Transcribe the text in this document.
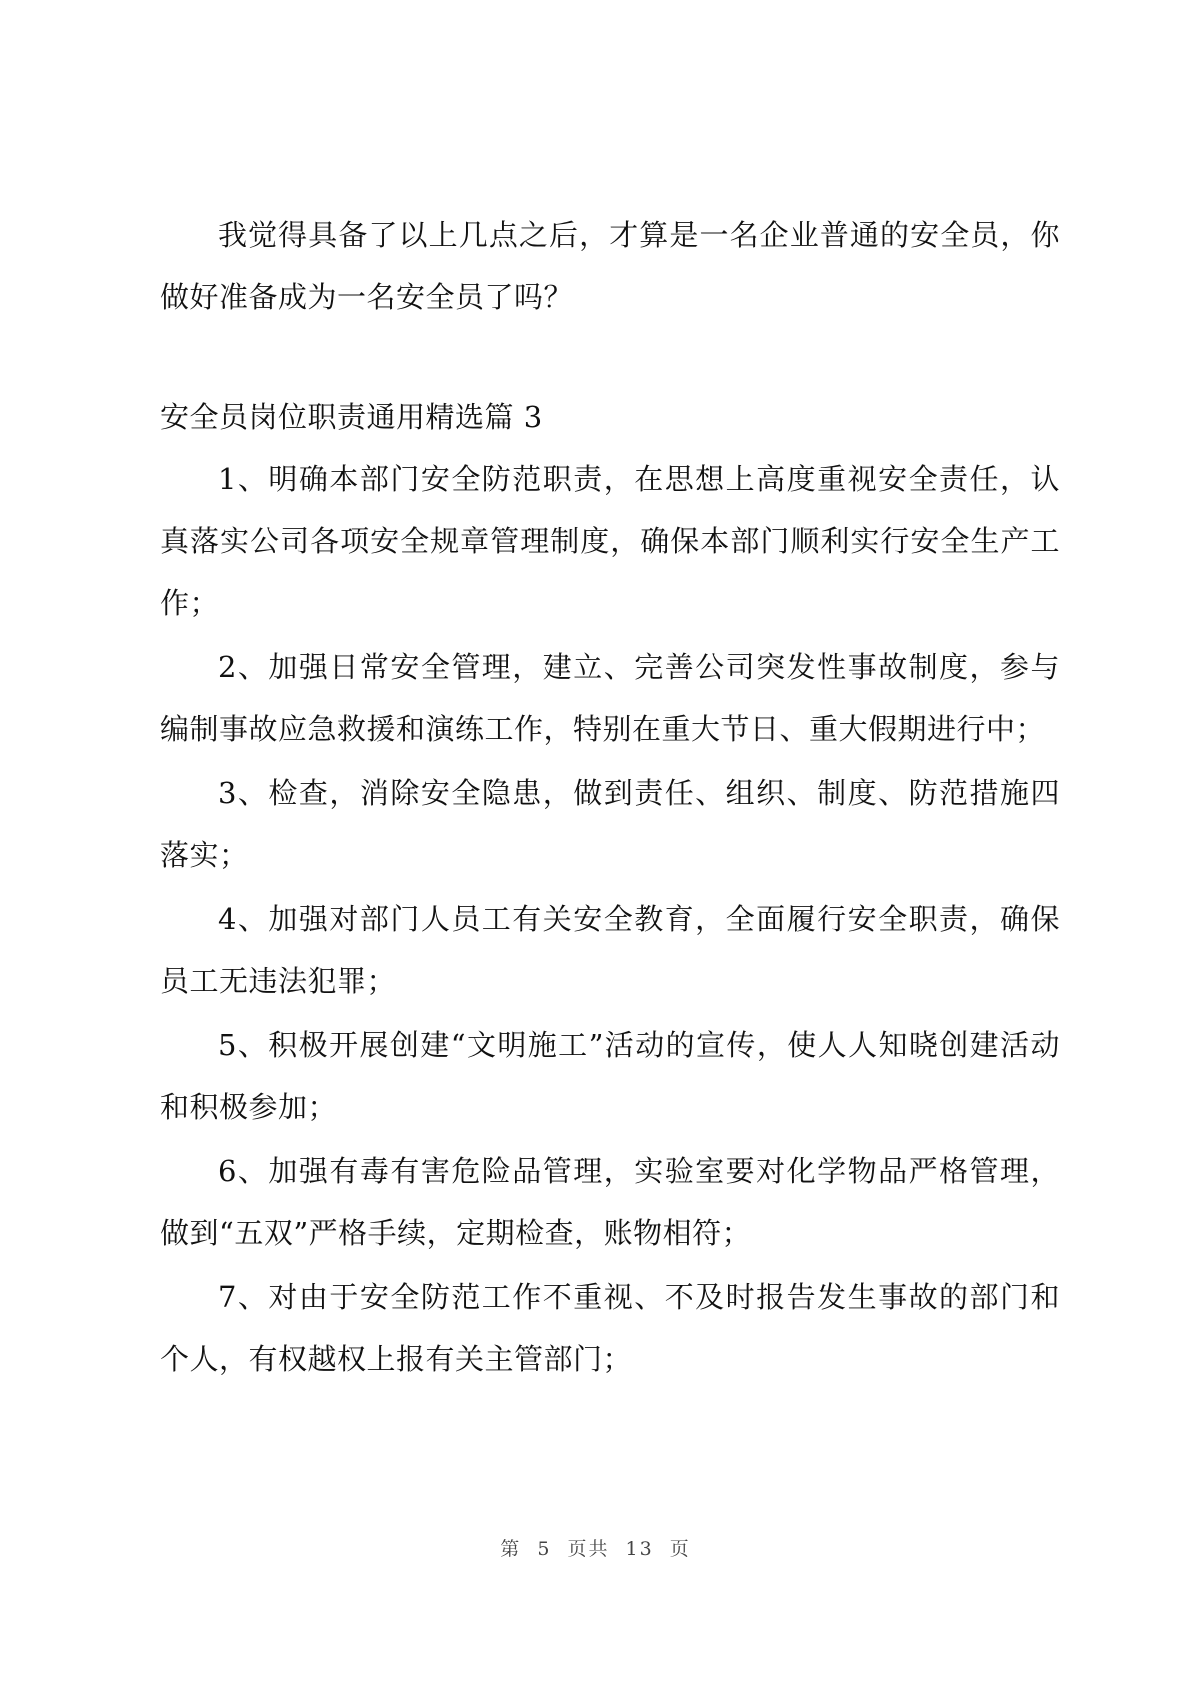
我觉得具备了以上几点之后，才算是一名企业普通的安全员，你做好准备成为一名安全员了吗？

安全员岗位职责通用精选篇 3

1、明确本部门安全防范职责，在思想上高度重视安全责任，认真落实公司各项安全规章管理制度，确保本部门顺利实行安全生产工作；

2、加强日常安全管理，建立、完善公司突发性事故制度，参与编制事故应急救援和演练工作，特别在重大节日、重大假期进行中；

3、检查，消除安全隐患，做到责任、组织、制度、防范措施四落实；

4、加强对部门人员工有关安全教育，全面履行安全职责，确保员工无违法犯罪；

5、积极开展创建“文明施工”活动的宣传，使人人知晓创建活动和积极参加；

6、加强有毒有害危险品管理，实验室要对化学物品严格管理，做到“五双”严格手续，定期检查，账物相符；

7、对由于安全防范工作不重视、不及时报告发生事故的部门和个人，有权越权上报有关主管部门；

第 5 页共 13 页
